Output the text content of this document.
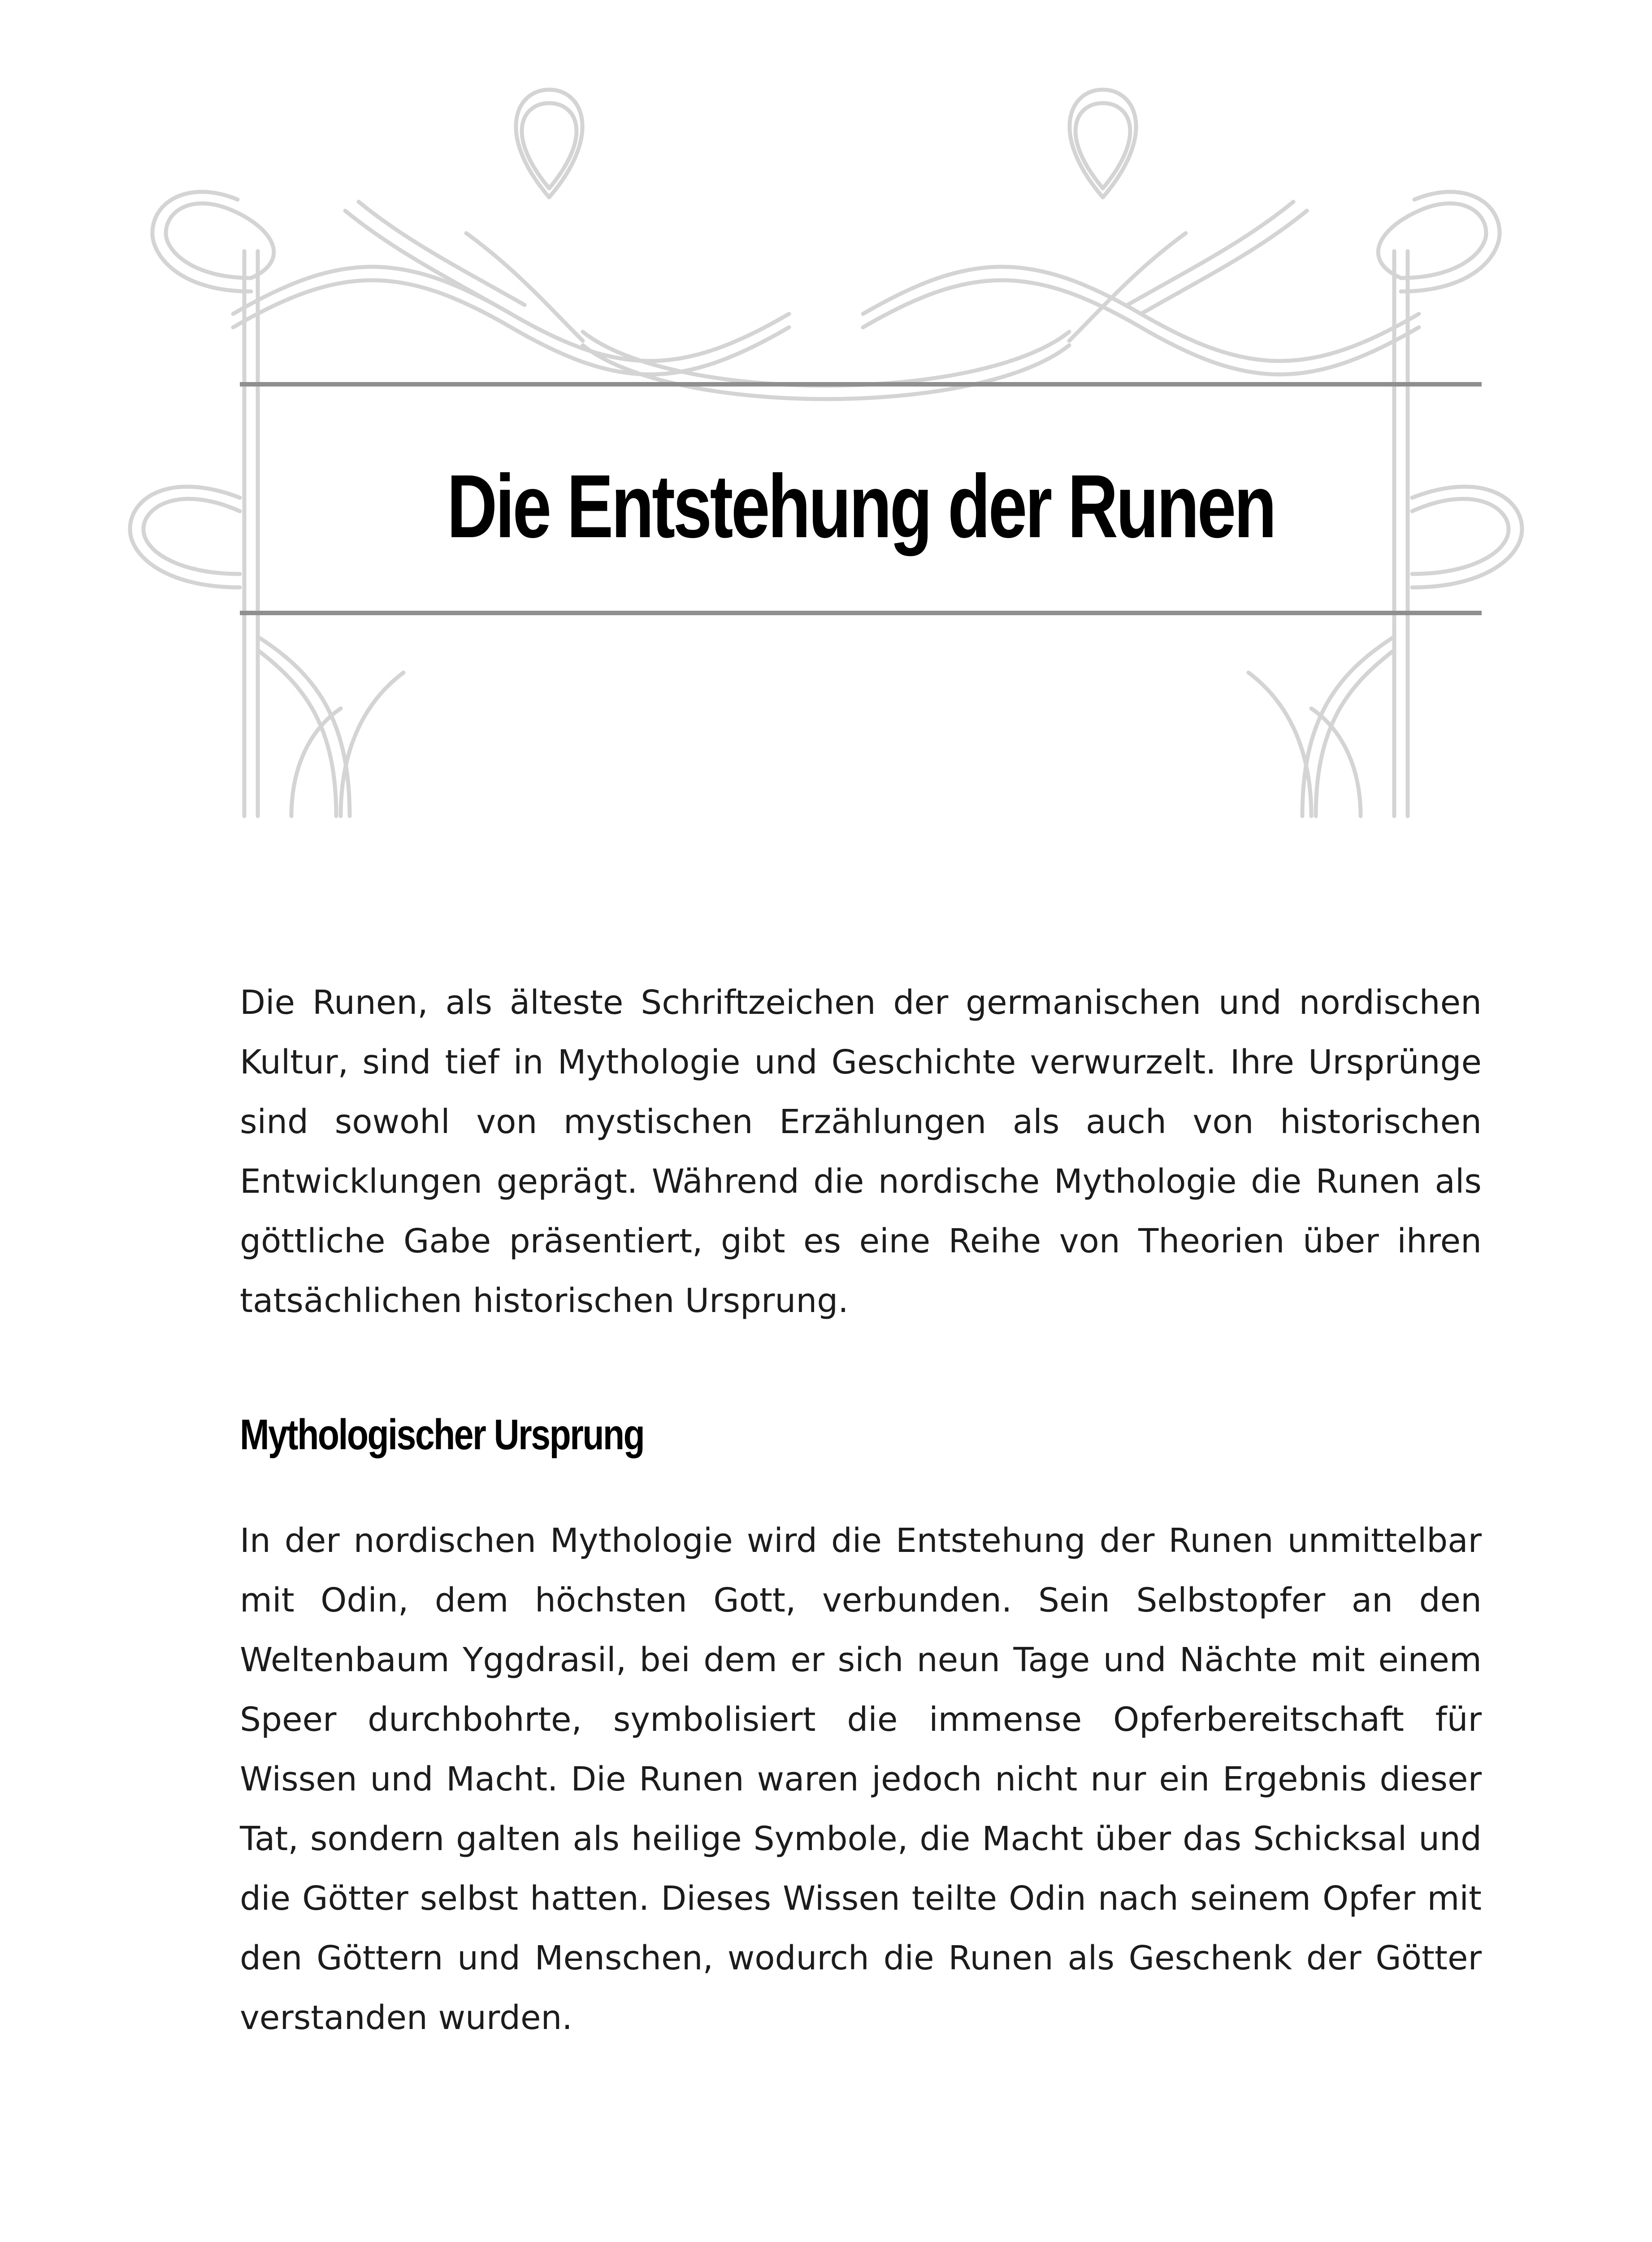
Die Entstehung der Runen

Die Runen, als älteste Schriftzeichen der germanischen und nordischen Kultur, sind tief in Mythologie und Geschichte verwurzelt. Ihre Ursprünge sind sowohl von mystischen Erzählungen als auch von historischen Entwicklungen geprägt. Während die nordische Mythologie die Runen als göttliche Gabe präsentiert, gibt es eine Reihe von Theorien über ihren tatsächlichen historischen Ursprung.

Mythologischer Ursprung

In der nordischen Mythologie wird die Entstehung der Runen unmittelbar mit Odin, dem höchsten Gott, verbunden. Sein Selbstopfer an den Weltenbaum Yggdrasil, bei dem er sich neun Tage und Nächte mit einem Speer durchbohrte, symbolisiert die immense Opferbereitschaft für Wissen und Macht. Die Runen waren jedoch nicht nur ein Ergebnis dieser Tat, sondern galten als heilige Symbole, die Macht über das Schicksal und die Götter selbst hatten. Dieses Wissen teilte Odin nach seinem Opfer mit den Göttern und Menschen, wodurch die Runen als Geschenk der Götter verstanden wurden.
